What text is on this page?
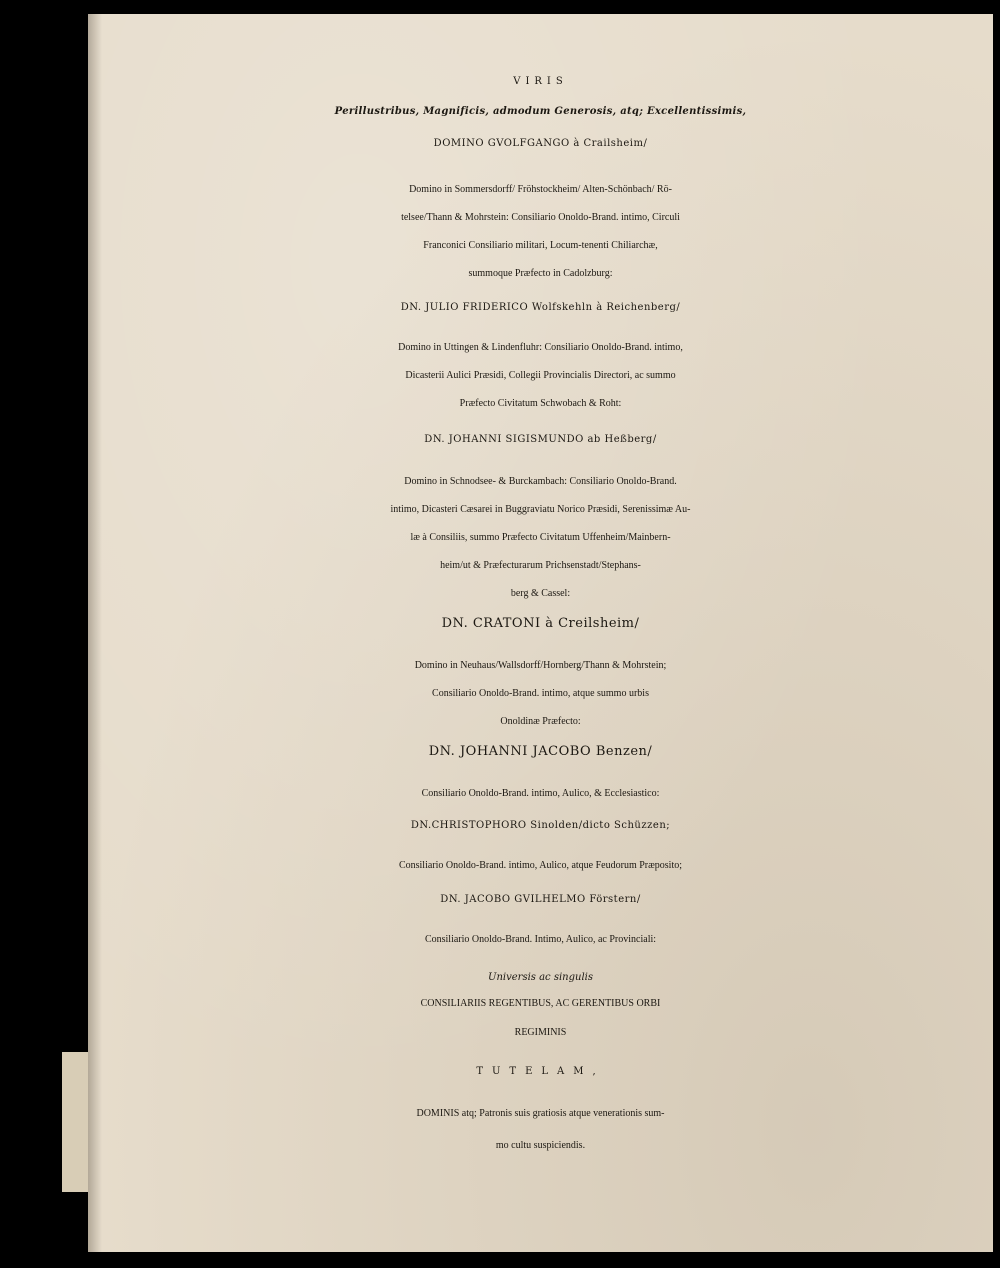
VIRIS
Perillustribus, Magnificis, admodum Generosis, atq; Excellentissimis,
DOMINO GVOLFGANGO à Crailsheim/
Domino in Sommersdorff/ Fröhstockheim/ Alten-Schönbach/ Rö-
telsee/Thann & Mohrstein: Consiliario Onoldo-Brand. intimo, Circuli
Franconici Consiliario militari, Locum-tenenti Chiliarchæ,
summoque Præfecto in Cadolzburg:
DN. JULIO FRIDERICO Wolfskehln à Reichenberg/
Domino in Uttingen & Lindenfluhr: Consiliario Onoldo-Brand. intimo,
Dicasterii Aulici Præsidi, Collegii Provincialis Directori, ac summo
Præfecto Civitatum Schwobach & Roht:
DN. JOHANNI SIGISMUNDO ab Heßberg/
Domino in Schnodsee- & Burckambach: Consiliario Onoldo-Brand.
intimo, Dicasteri Cæsarei in Buggraviatu Norico Præsidi, Serenissimæ Au-
læ à Consiliis, summo Præfecto Civitatum Uffenheim/Mainbern-
heim/ut & Præfecturarum Prichsenstadt/Stephans-
berg & Cassel:
DN. CRATONI à Creilsheim/
Domino in Neuhaus/Wallsdorff/Hornberg/Thann & Mohrstein;
Consiliario Onoldo-Brand. intimo, atque summo urbis
Onoldinæ Præfecto:
DN. JOHANNI JACOBO Benzen/
Consiliario Onoldo-Brand. intimo, Aulico, & Ecclesiastico:
DN.CHRISTOPHORO Sinolden/dicto Schüzzen;
Consiliario Onoldo-Brand. intimo, Aulico, atque Feudorum Præposito;
DN. JACOBO GVILHELMO Förstern/
Consiliario Onoldo-Brand. Intimo, Aulico, ac Provinciali:
Universis ac singulis
CONSILIARIIS REGENTIBUS, AC GERENTIBUS ORBI
REGIMINIS
TUTELAM,
DOMINIS atq; Patronis suis gratiosis atque venerationis sum-
mo cultu suspiciendis.
